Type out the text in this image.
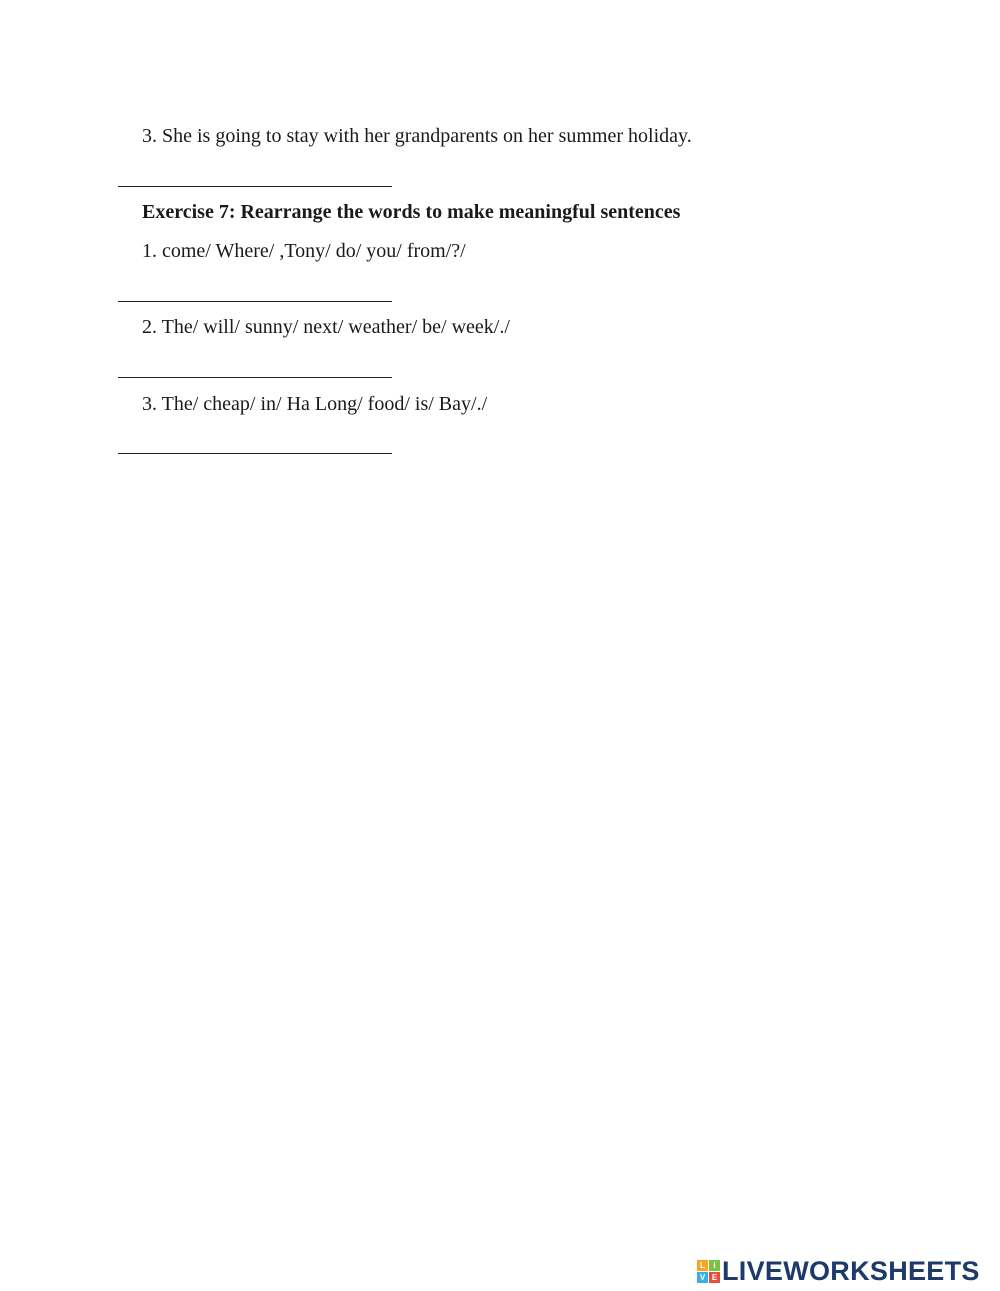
3. She is going to stay with her grandparents on her summer holiday.
Exercise 7: Rearrange the words to make meaningful sentences
1. come/ Where/ ,Tony/ do/ you/ from/?/
2. The/ will/ sunny/ next/ weather/ be/ week/./
3. The/ cheap/ in/ Ha Long/ food/ is/ Bay/./
L	I
V E LIVEWORKSHEETS
